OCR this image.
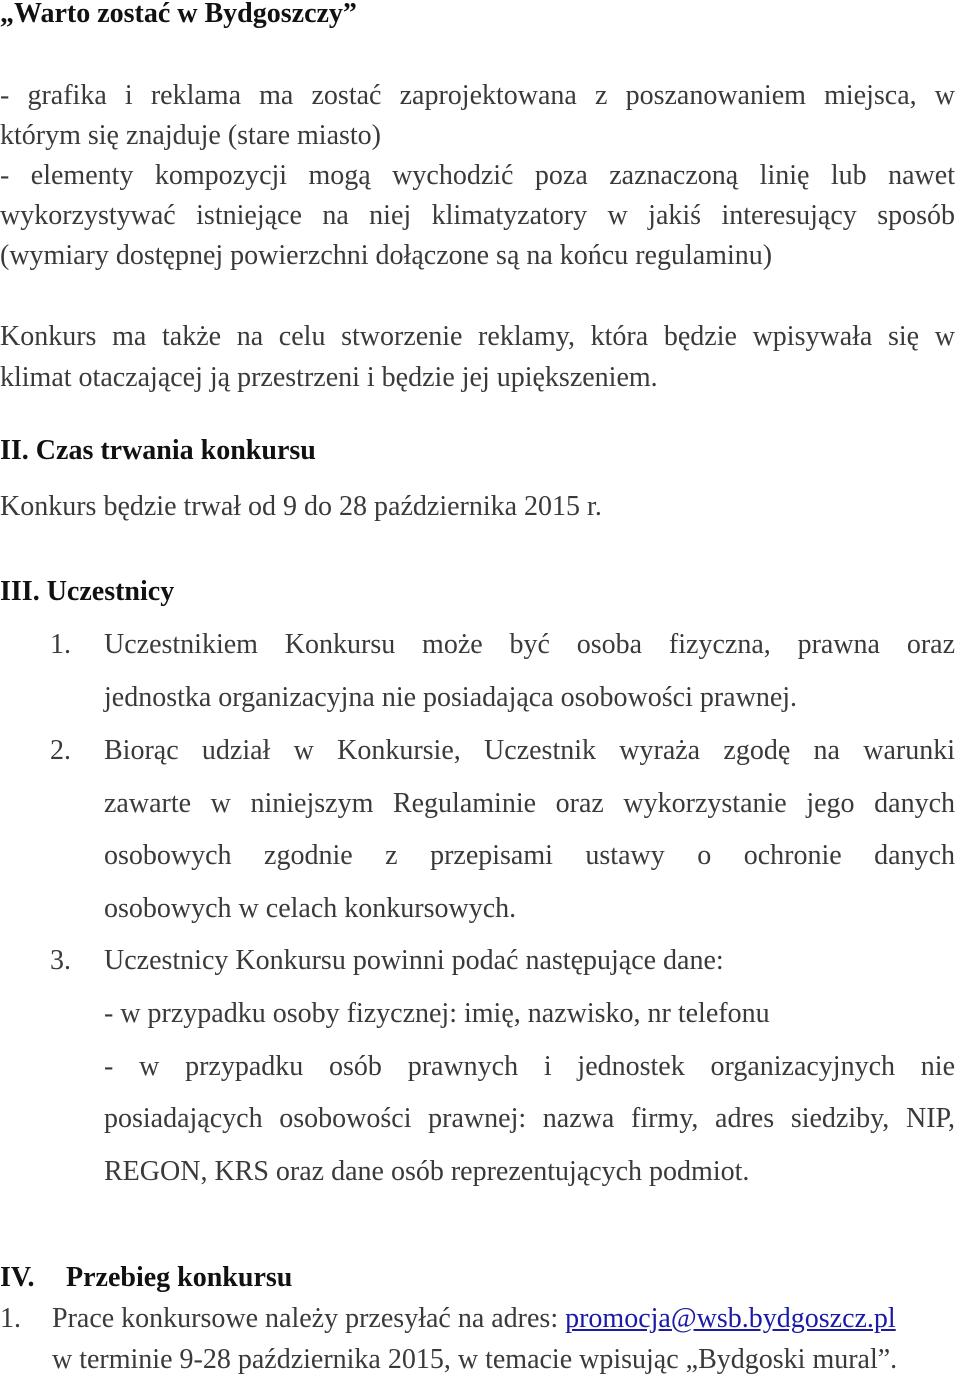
„Warto zostać w Bydgoszczy”
- grafika i reklama ma zostać zaprojektowana z poszanowaniem miejsca, w
którym się znajduje (stare miasto)
- elementy kompozycji mogą wychodzić poza zaznaczoną linię lub nawet
wykorzystywać istniejące na niej klimatyzatory w jakiś interesujący sposób
(wymiary dostępnej powierzchni dołączone są na końcu regulaminu)
Konkurs ma także na celu stworzenie reklamy, która będzie wpisywała się w
klimat otaczającej ją przestrzeni i będzie jej upiększeniem.
II. Czas trwania konkursu
Konkurs będzie trwał od 9 do 28 października 2015 r.
III. Uczestnicy
1. Uczestnikiem Konkursu może być osoba fizyczna, prawna oraz
jednostka organizacyjna nie posiadająca osobowości prawnej.
2. Biorąc udział w Konkursie, Uczestnik wyraża zgodę na warunki
zawarte w niniejszym Regulaminie oraz wykorzystanie jego danych
osobowych zgodnie z przepisami ustawy o ochronie danych
osobowych w celach konkursowych.
3. Uczestnicy Konkursu powinni podać następujące dane:
- w przypadku osoby fizycznej: imię, nazwisko, nr telefonu
- w przypadku osób prawnych i jednostek organizacyjnych nie
posiadających osobowości prawnej: nazwa firmy, adres siedziby, NIP,
REGON, KRS oraz dane osób reprezentujących podmiot.
IV. Przebieg konkursu
1. Prace konkursowe należy przesyłać na adres: promocja@wsb.bydgoszcz.pl
w terminie 9-28 października 2015, w temacie wpisując „Bydgoski mural”.
